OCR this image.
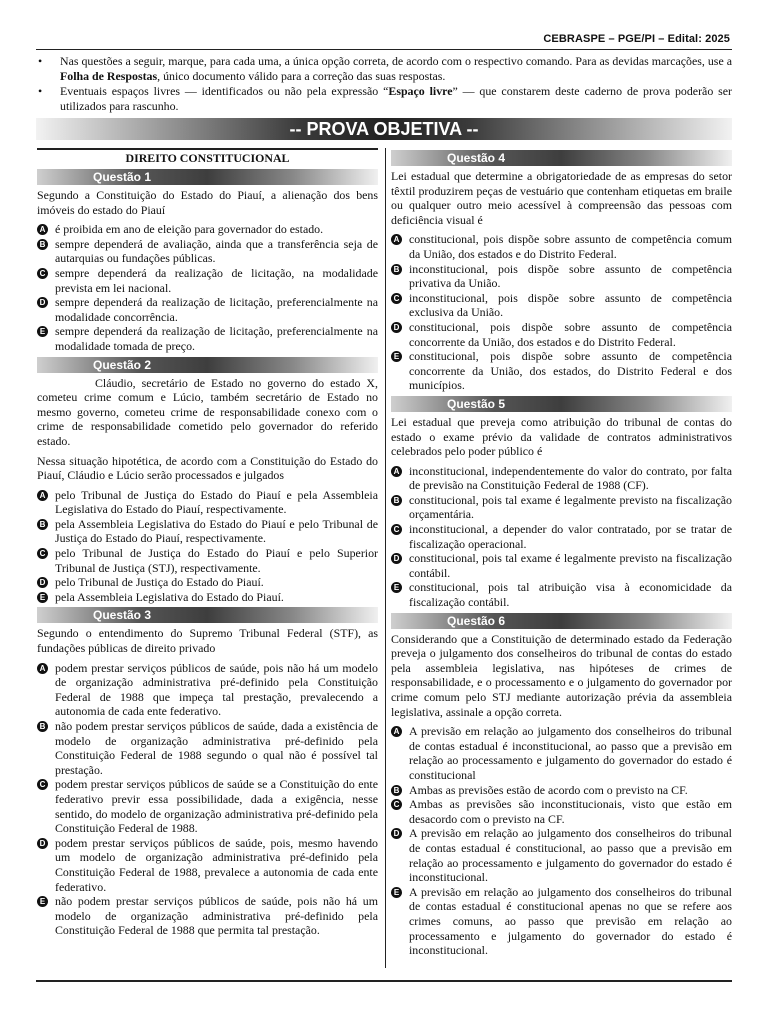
CEBRASPE – PGE/PI – Edital: 2025
• Nas questões a seguir, marque, para cada uma, a única opção correta, de acordo com o respectivo comando. Para as devidas marcações, use a Folha de Respostas, único documento válido para a correção das suas respostas.
• Eventuais espaços livres — identificados ou não pela expressão “Espaço livre” — que constarem deste caderno de prova poderão ser utilizados para rascunho.
-- PROVA OBJETIVA --
DIREITO CONSTITUCIONAL
Questão 1

Segundo a Constituição do Estado do Piauí, a alienação dos bens imóveis do estado do Piauí

A é proibida em ano de eleição para governador do estado.
B sempre dependerá de avaliação, ainda que a transferência seja de autarquias ou fundações públicas.
C sempre dependerá da realização de licitação, na modalidade prevista em lei nacional.
D sempre dependerá da realização de licitação, preferencialmente na modalidade concorrência.
E sempre dependerá da realização de licitação, preferencialmente na modalidade tomada de preço.
Questão 2

Cláudio, secretário de Estado no governo do estado X, cometeu crime comum e Lúcio, também secretário de Estado no mesmo governo, cometeu crime de responsabilidade conexo com o crime de responsabilidade cometido pelo governador do referido estado.

Nessa situação hipotética, de acordo com a Constituição do Estado do Piauí, Cláudio e Lúcio serão processados e julgados

A pelo Tribunal de Justiça do Estado do Piauí e pela Assembleia Legislativa do Estado do Piauí, respectivamente.
B pela Assembleia Legislativa do Estado do Piauí e pelo Tribunal de Justiça do Estado do Piauí, respectivamente.
C pelo Tribunal de Justiça do Estado do Piauí e pelo Superior Tribunal de Justiça (STJ), respectivamente.
D pelo Tribunal de Justiça do Estado do Piauí.
E pela Assembleia Legislativa do Estado do Piauí.
Questão 3

Segundo o entendimento do Supremo Tribunal Federal (STF), as fundações públicas de direito privado

A podem prestar serviços públicos de saúde, pois não há um modelo de organização administrativa pré-definido pela Constituição Federal de 1988 que impeça tal prestação, prevalecendo a autonomia de cada ente federativo.
B não podem prestar serviços públicos de saúde, dada a existência de modelo de organização administrativa pré-definido pela Constituição Federal de 1988 segundo o qual não é possível tal prestação.
C podem prestar serviços públicos de saúde se a Constituição do ente federativo previr essa possibilidade, dada a exigência, nesse sentido, do modelo de organização administrativa pré-definido pela Constituição Federal de 1988.
D podem prestar serviços públicos de saúde, pois, mesmo havendo um modelo de organização administrativa pré-definido pela Constituição Federal de 1988, prevalece a autonomia de cada ente federativo.
E não podem prestar serviços públicos de saúde, pois não há um modelo de organização administrativa pré-definido pela Constituição Federal de 1988 que permita tal prestação.
Questão 4

Lei estadual que determine a obrigatoriedade de as empresas do setor têxtil produzirem peças de vestuário que contenham etiquetas em braile ou qualquer outro meio acessível à compreensão das pessoas com deficiência visual é

A constitucional, pois dispõe sobre assunto de competência comum da União, dos estados e do Distrito Federal.
B inconstitucional, pois dispõe sobre assunto de competência privativa da União.
C inconstitucional, pois dispõe sobre assunto de competência exclusiva da União.
D constitucional, pois dispõe sobre assunto de competência concorrente da União, dos estados e do Distrito Federal.
E constitucional, pois dispõe sobre assunto de competência concorrente da União, dos estados, do Distrito Federal e dos municípios.
Questão 5

Lei estadual que preveja como atribuição do tribunal de contas do estado o exame prévio da validade de contratos administrativos celebrados pelo poder público é

A inconstitucional, independentemente do valor do contrato, por falta de previsão na Constituição Federal de 1988 (CF).
B constitucional, pois tal exame é legalmente previsto na fiscalização orçamentária.
C inconstitucional, a depender do valor contratado, por se tratar de fiscalização operacional.
D constitucional, pois tal exame é legalmente previsto na fiscalização contábil.
E constitucional, pois tal atribuição visa à economicidade da fiscalização contábil.
Questão 6

Considerando que a Constituição de determinado estado da Federação preveja o julgamento dos conselheiros do tribunal de contas do estado pela assembleia legislativa, nas hipóteses de crimes de responsabilidade, e o processamento e o julgamento do governador por crime comum pelo STJ mediante autorização prévia da assembleia legislativa, assinale a opção correta.

A A previsão em relação ao julgamento dos conselheiros do tribunal de contas estadual é inconstitucional, ao passo que a previsão em relação ao processamento e julgamento do governador do estado é constitucional
B Ambas as previsões estão de acordo com o previsto na CF.
C Ambas as previsões são inconstitucionais, visto que estão em desacordo com o previsto na CF.
D A previsão em relação ao julgamento dos conselheiros do tribunal de contas estadual é constitucional, ao passo que a previsão em relação ao processamento e julgamento do governador do estado é inconstitucional.
E A previsão em relação ao julgamento dos conselheiros do tribunal de contas estadual é constitucional apenas no que se refere aos crimes comuns, ao passo que previsão em relação ao processamento e julgamento do governador do estado é inconstitucional.
